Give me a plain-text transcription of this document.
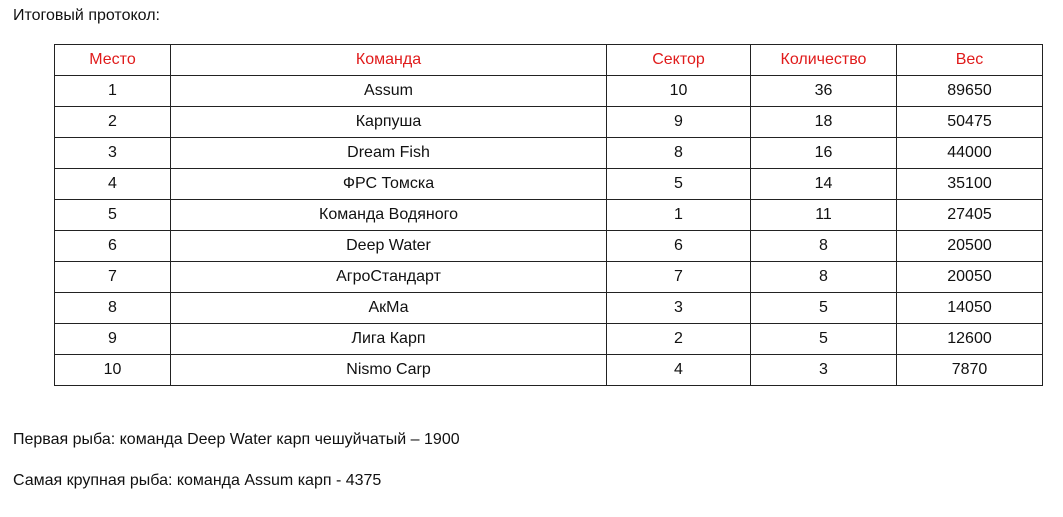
Итоговый протокол:
Место	Команда	Сектор	Количество	Вес
1	Assum	10	36	89650
2	Карпуша	9	18	50475
3	Dream Fish	8	16	44000
4	ФРС Томска	5	14	35100
5	Команда Водяного	1	11	27405
6	Deep Water	6	8	20500
7	АгроСтандарт	7	8	20050
8	АкМа	3	5	14050
9	Лига Карп	2	5	12600
10	Nismo Carp	4	3	7870
Первая рыба: команда Deep Water карп чешуйчатый – 1900
Самая крупная рыба: команда Assum карп - 4375
